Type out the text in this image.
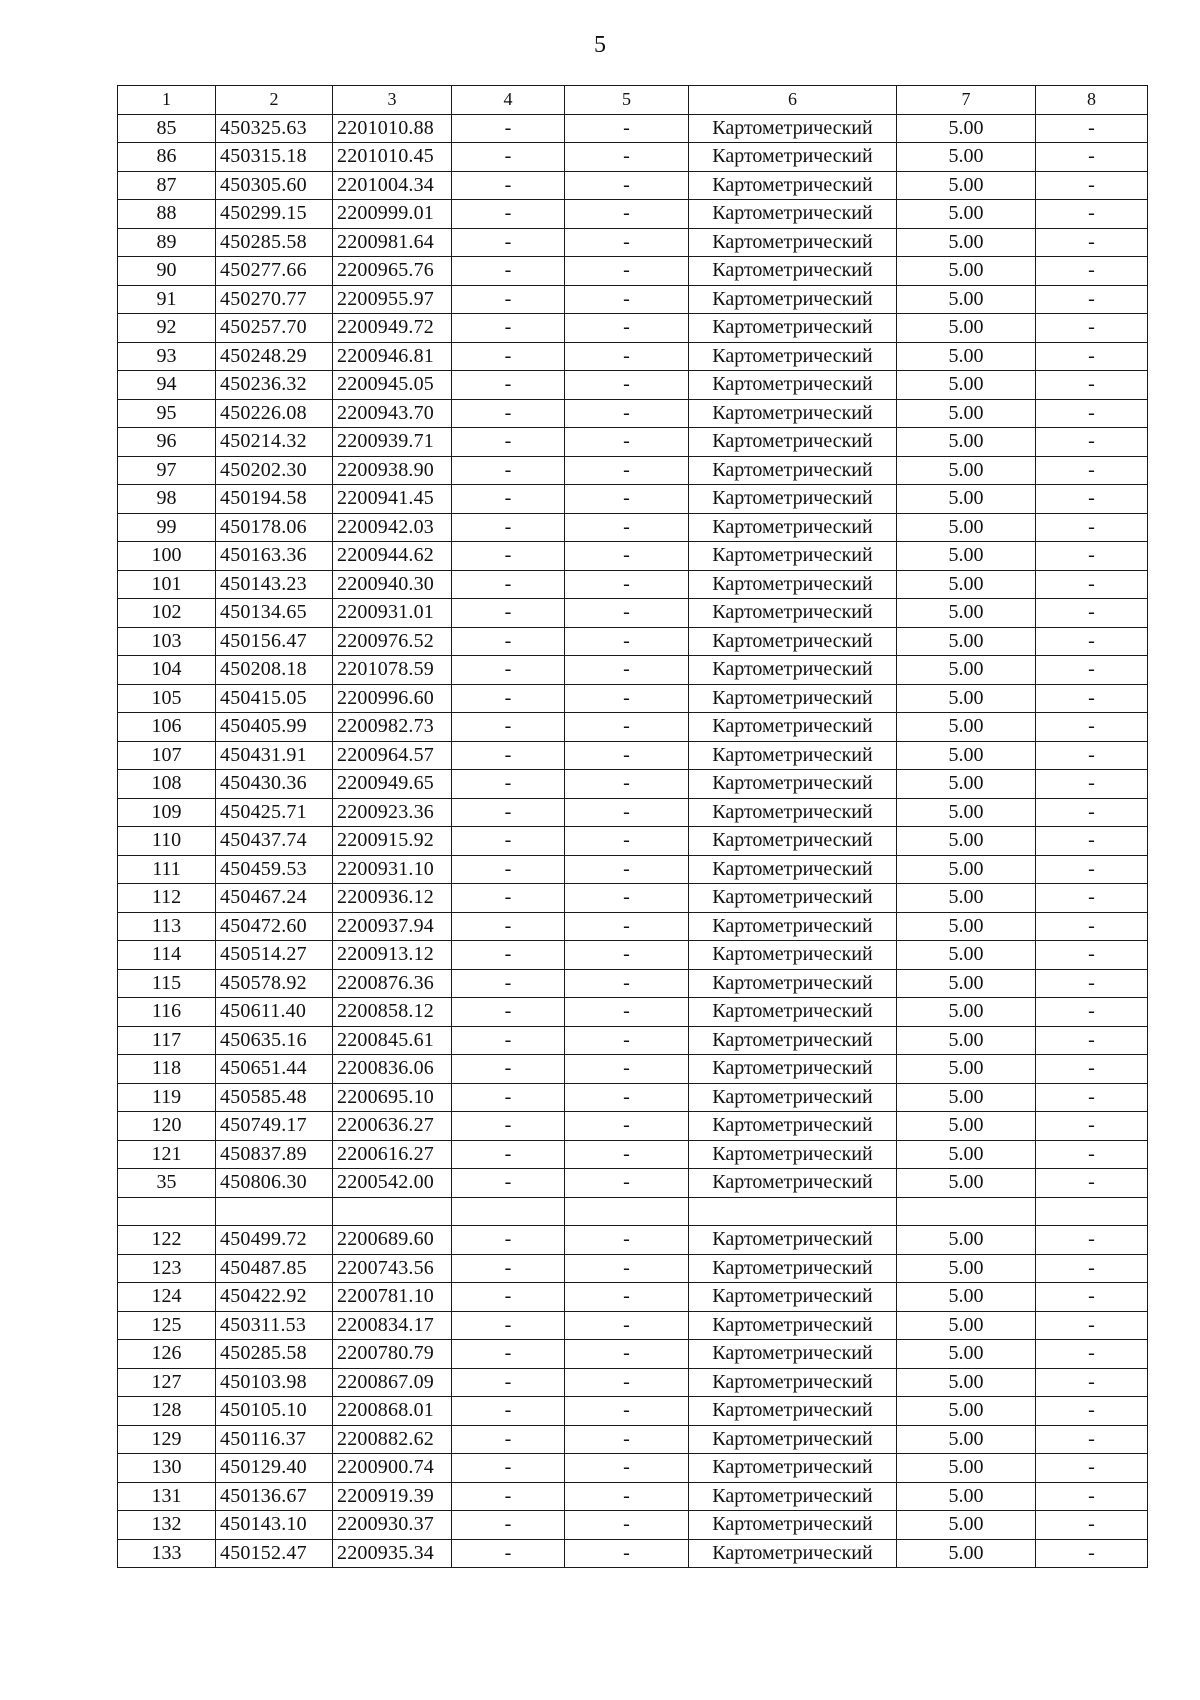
5
1	2	3	4	5	6	7	8
85	450325.63	2201010.88	-	-	Картометрический	5.00	-
86	450315.18	2201010.45	-	-	Картометрический	5.00	-
87	450305.60	2201004.34	-	-	Картометрический	5.00	-
88	450299.15	2200999.01	-	-	Картометрический	5.00	-
89	450285.58	2200981.64	-	-	Картометрический	5.00	-
90	450277.66	2200965.76	-	-	Картометрический	5.00	-
91	450270.77	2200955.97	-	-	Картометрический	5.00	-
92	450257.70	2200949.72	-	-	Картометрический	5.00	-
93	450248.29	2200946.81	-	-	Картометрический	5.00	-
94	450236.32	2200945.05	-	-	Картометрический	5.00	-
95	450226.08	2200943.70	-	-	Картометрический	5.00	-
96	450214.32	2200939.71	-	-	Картометрический	5.00	-
97	450202.30	2200938.90	-	-	Картометрический	5.00	-
98	450194.58	2200941.45	-	-	Картометрический	5.00	-
99	450178.06	2200942.03	-	-	Картометрический	5.00	-
100	450163.36	2200944.62	-	-	Картометрический	5.00	-
101	450143.23	2200940.30	-	-	Картометрический	5.00	-
102	450134.65	2200931.01	-	-	Картометрический	5.00	-
103	450156.47	2200976.52	-	-	Картометрический	5.00	-
104	450208.18	2201078.59	-	-	Картометрический	5.00	-
105	450415.05	2200996.60	-	-	Картометрический	5.00	-
106	450405.99	2200982.73	-	-	Картометрический	5.00	-
107	450431.91	2200964.57	-	-	Картометрический	5.00	-
108	450430.36	2200949.65	-	-	Картометрический	5.00	-
109	450425.71	2200923.36	-	-	Картометрический	5.00	-
110	450437.74	2200915.92	-	-	Картометрический	5.00	-
111	450459.53	2200931.10	-	-	Картометрический	5.00	-
112	450467.24	2200936.12	-	-	Картометрический	5.00	-
113	450472.60	2200937.94	-	-	Картометрический	5.00	-
114	450514.27	2200913.12	-	-	Картометрический	5.00	-
115	450578.92	2200876.36	-	-	Картометрический	5.00	-
116	450611.40	2200858.12	-	-	Картометрический	5.00	-
117	450635.16	2200845.61	-	-	Картометрический	5.00	-
118	450651.44	2200836.06	-	-	Картометрический	5.00	-
119	450585.48	2200695.10	-	-	Картометрический	5.00	-
120	450749.17	2200636.27	-	-	Картометрический	5.00	-
121	450837.89	2200616.27	-	-	Картометрический	5.00	-
35	450806.30	2200542.00	-	-	Картометрический	5.00	-

122	450499.72	2200689.60	-	-	Картометрический	5.00	-
123	450487.85	2200743.56	-	-	Картометрический	5.00	-
124	450422.92	2200781.10	-	-	Картометрический	5.00	-
125	450311.53	2200834.17	-	-	Картометрический	5.00	-
126	450285.58	2200780.79	-	-	Картометрический	5.00	-
127	450103.98	2200867.09	-	-	Картометрический	5.00	-
128	450105.10	2200868.01	-	-	Картометрический	5.00	-
129	450116.37	2200882.62	-	-	Картометрический	5.00	-
130	450129.40	2200900.74	-	-	Картометрический	5.00	-
131	450136.67	2200919.39	-	-	Картометрический	5.00	-
132	450143.10	2200930.37	-	-	Картометрический	5.00	-
133	450152.47	2200935.34	-	-	Картометрический	5.00	-
